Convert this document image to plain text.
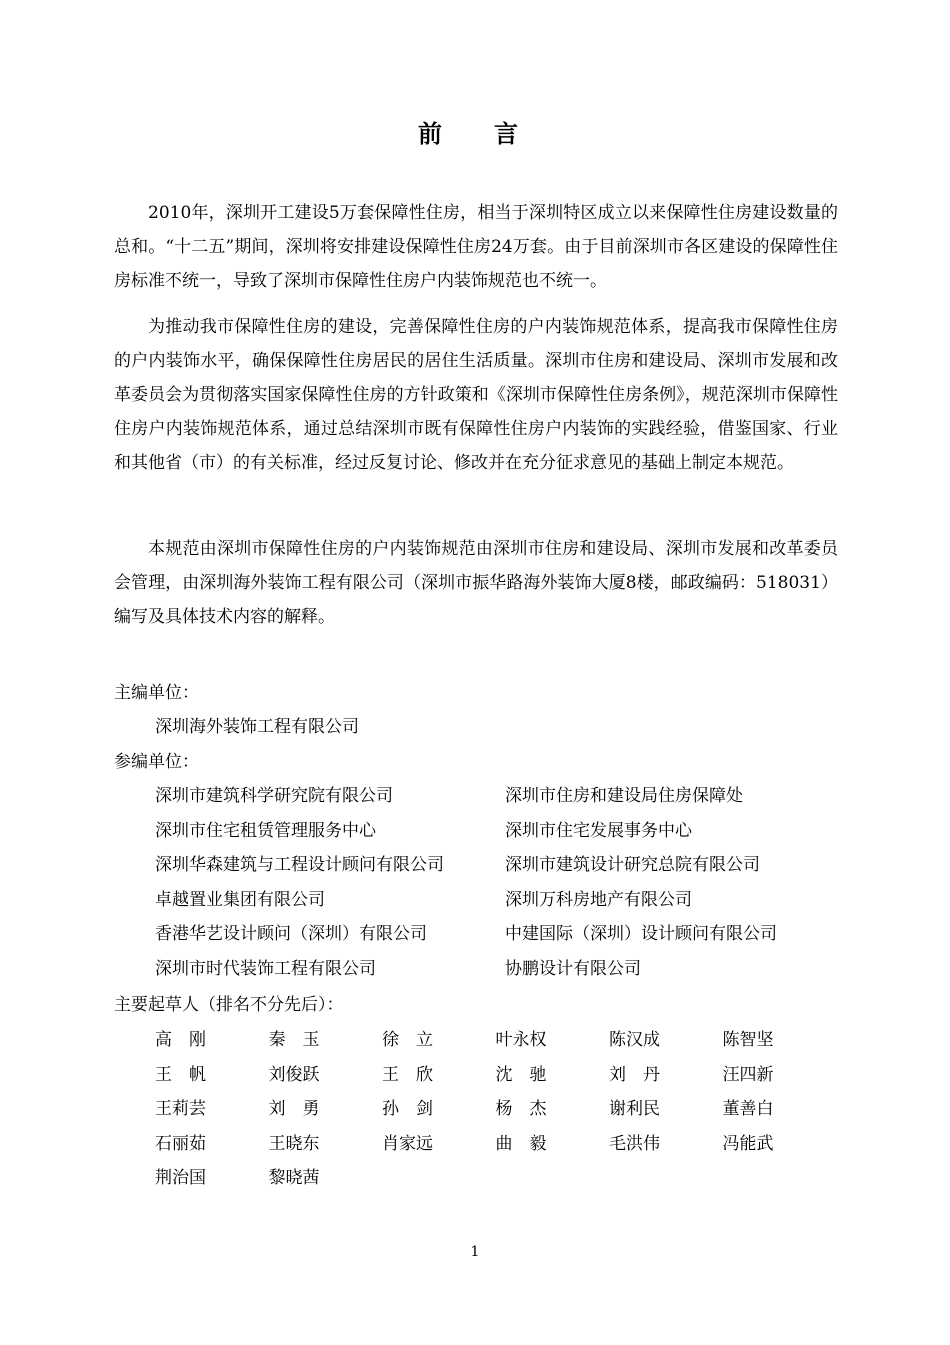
前　言

2010年，深圳开工建设5万套保障性住房，相当于深圳特区成立以来保障性住房建设数量的总和。“十二五”期间，深圳将安排建设保障性住房24万套。由于目前深圳市各区建设的保障性住房标准不统一，导致了深圳市保障性住房户内装饰规范也不统一。

为推动我市保障性住房的建设，完善保障性住房的户内装饰规范体系，提高我市保障性住房的户内装饰水平，确保保障性住房居民的居住生活质量。深圳市住房和建设局、深圳市发展和改革委员会为贯彻落实国家保障性住房的方针政策和《深圳市保障性住房条例》，规范深圳市保障性住房户内装饰规范体系，通过总结深圳市既有保障性住房户内装饰的实践经验，借鉴国家、行业和其他省（市）的有关标准，经过反复讨论、修改并在充分征求意见的基础上制定本规范。

本规范由深圳市保障性住房的户内装饰规范由深圳市住房和建设局、深圳市发展和改革委员会管理，由深圳海外装饰工程有限公司（深圳市振华路海外装饰大厦8楼，邮政编码：518031）编写及具体技术内容的解释。

主编单位：
深圳海外装饰工程有限公司
参编单位：
深圳市建筑科学研究院有限公司	深圳市住房和建设局住房保障处
深圳市住宅租赁管理服务中心	深圳市住宅发展事务中心
深圳华森建筑与工程设计顾问有限公司	深圳市建筑设计研究总院有限公司
卓越置业集团有限公司	深圳万科房地产有限公司
香港华艺设计顾问（深圳）有限公司	中建国际（深圳）设计顾问有限公司
深圳市时代装饰工程有限公司	协鹏设计有限公司
主要起草人（排名不分先后）：
高　刚	秦　玉	徐　立	叶永权	陈汉成	陈智坚
王　帆	刘俊跃	王　欣	沈　驰	刘　丹	汪四新
王莉芸	刘　勇	孙　剑	杨　杰	谢利民	董善白
石丽茹	王晓东	肖家远	曲　毅	毛洪伟	冯能武
荆治国	黎晓茜
1
